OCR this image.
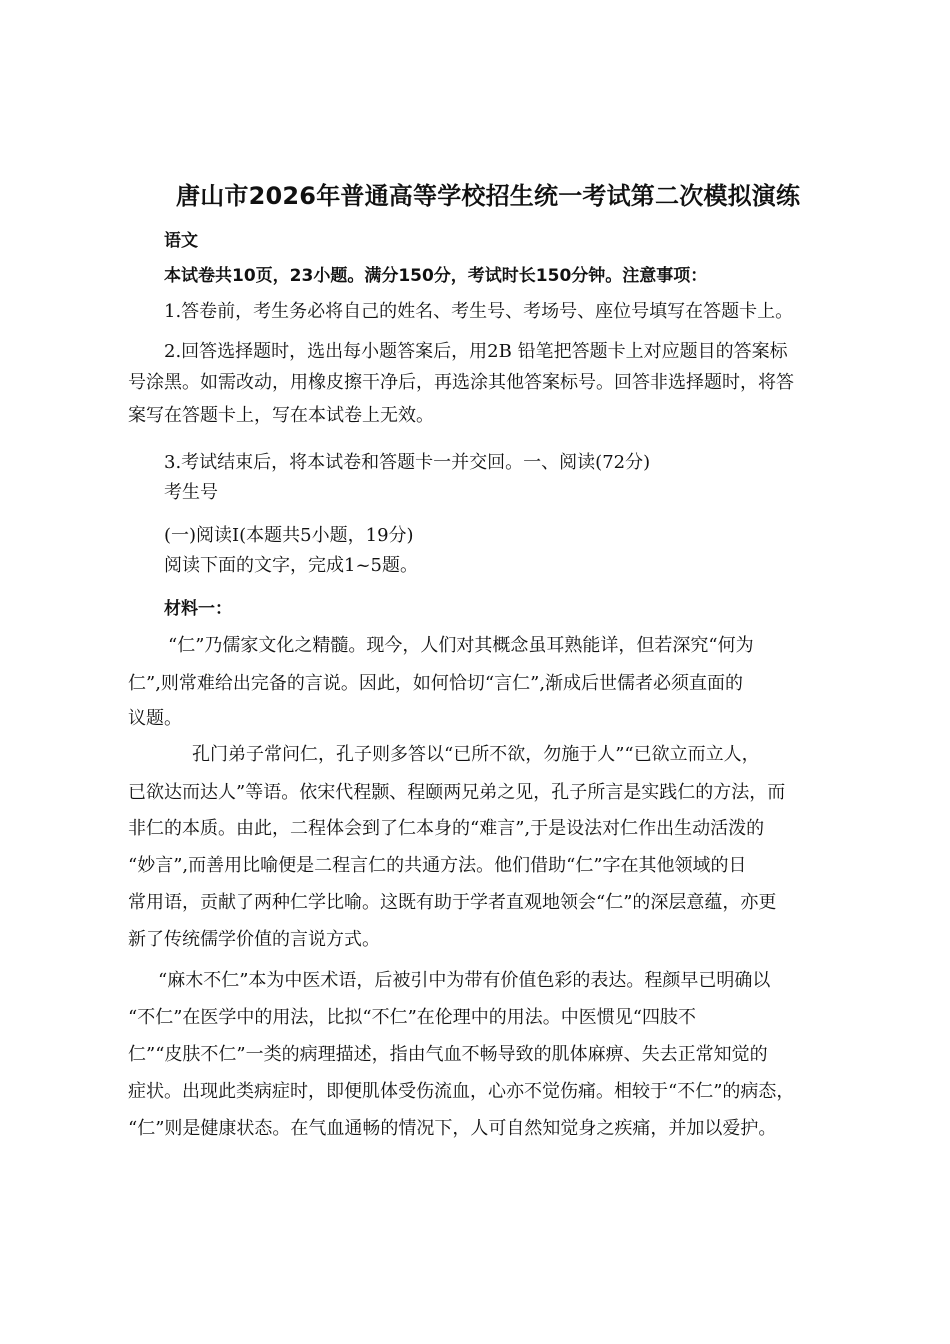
唐山市2026年普通高等学校招生统一考试第二次模拟演练
语文
本试卷共10页，23小题。满分150分，考试时长150分钟。注意事项：
1.答卷前，考生务必将自己的姓名、考生号、考场号、座位号填写在答题卡上。
2.回答选择题时，选出每小题答案后，用2B 铅笔把答题卡上对应题目的答案标
号涂黑。如需改动，用橡皮擦干净后，再选涂其他答案标号。回答非选择题时，将答
案写在答题卡上，写在本试卷上无效。
3.考试结束后，将本试卷和答题卡一并交回。一、阅读(72分)
考生号
(一)阅读I(本题共5小题，19分)
阅读下面的文字，完成1~5题。
材料一：
“仁”乃儒家文化之精髓。现今，人们对其概念虽耳熟能详，但若深究“何为
仁”,则常难给出完备的言说。因此，如何恰切“言仁”,渐成后世儒者必须直面的
议题。
孔门弟子常问仁，孔子则多答以“已所不欲，勿施于人”“已欲立而立人，
已欲达而达人”等语。依宋代程颢、程颐两兄弟之见，孔子所言是实践仁的方法，而
非仁的本质。由此，二程体会到了仁本身的“难言”,于是设法对仁作出生动活泼的
“妙言”,而善用比喻便是二程言仁的共通方法。他们借助“仁”字在其他领域的日
常用语，贡献了两种仁学比喻。这既有助于学者直观地领会“仁”的深层意蕴，亦更
新了传统儒学价值的言说方式。
“麻木不仁”本为中医术语，后被引中为带有价值色彩的表达。程颜早已明确以
“不仁”在医学中的用法，比拟“不仁”在伦理中的用法。中医惯见“四肢不
仁”“皮肤不仁”一类的病理描述，指由气血不畅导致的肌体麻痹、失去正常知觉的
症状。出现此类病症时，即便肌体受伤流血，心亦不觉伤痛。相较于“不仁”的病态，
“仁”则是健康状态。在气血通畅的情况下，人可自然知觉身之疾痛，并加以爱护。
